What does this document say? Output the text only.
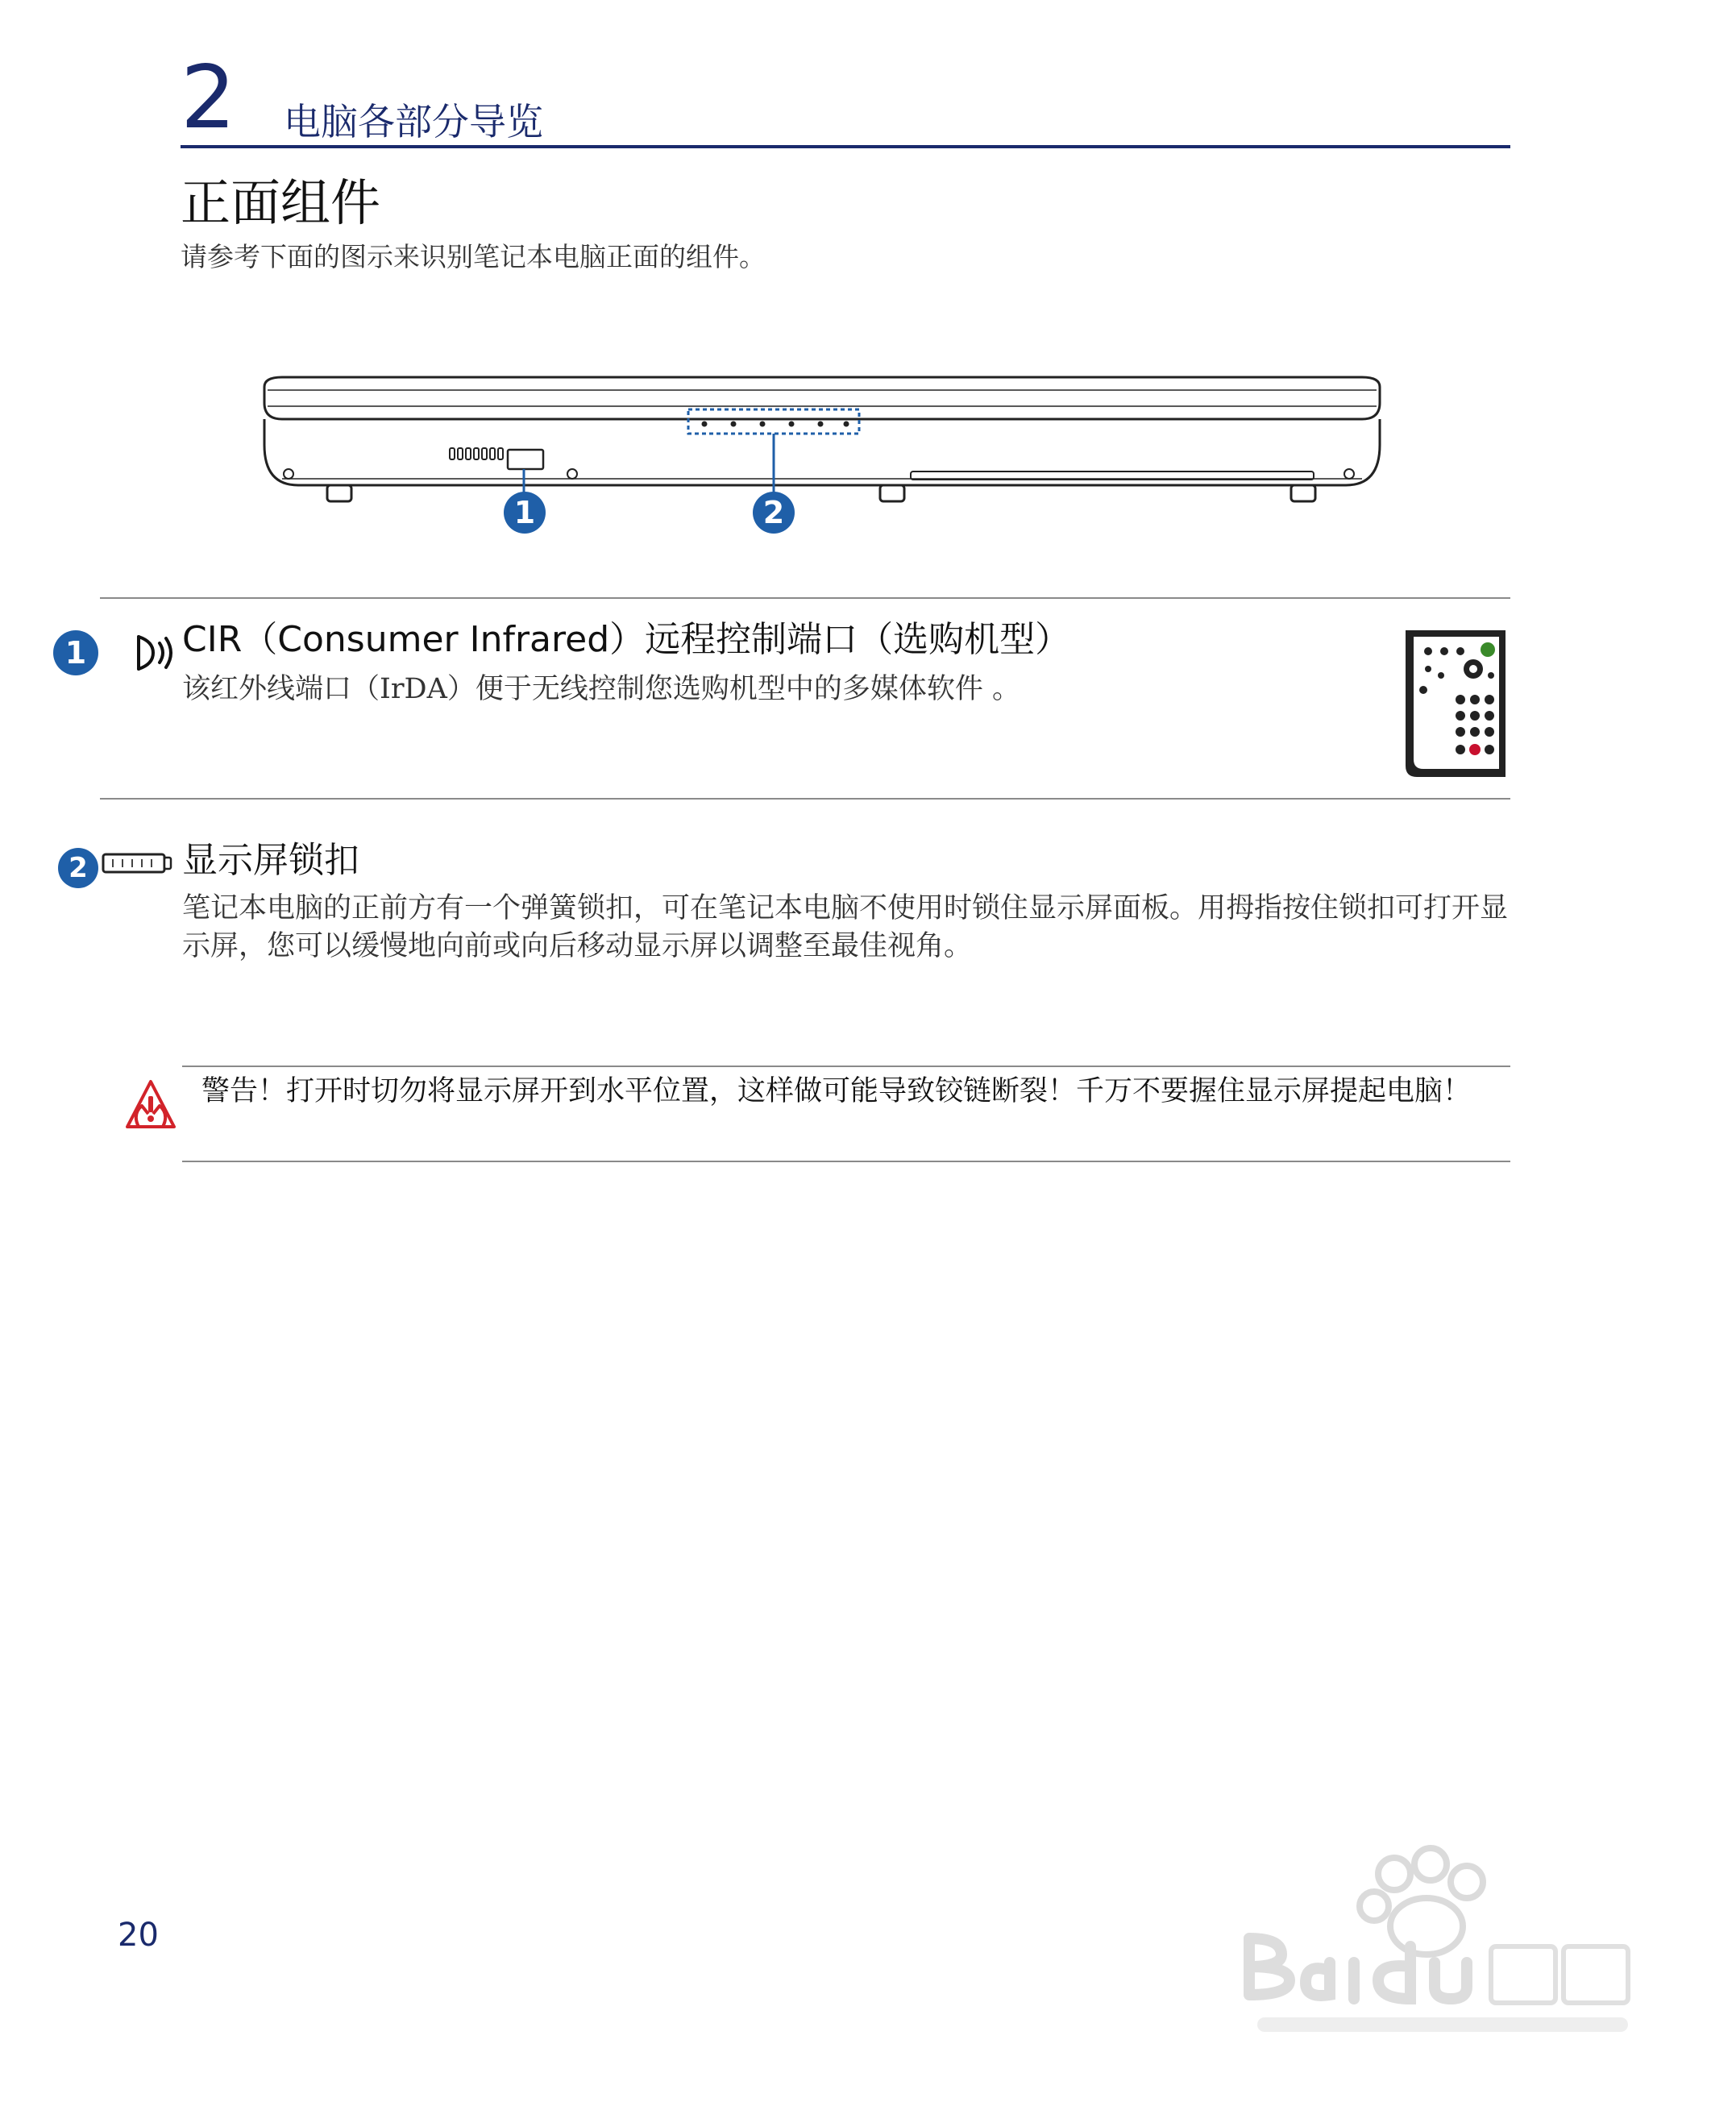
2 电脑各部分导览
正面组件
请参考下面的图示来识别笔记本电脑正面的组件。
1	2
1	CIR（Consumer Infrared）远程控制端口（选购机型）
该红外线端口（IrDA）便于无线控制您选购机型中的多媒体软件 。
2	显示屏锁扣
笔记本电脑的正前方有一个弹簧锁扣，可在笔记本电脑不使用时锁住显示屏面板。用拇指按住锁扣可打开显示屏，您可以缓慢地向前或向后移动显示屏以调整至最佳视角。
警告！打开时切勿将显示屏开到水平位置，这样做可能导致铰链断裂！千万不要握住显示屏提起电脑！
20
